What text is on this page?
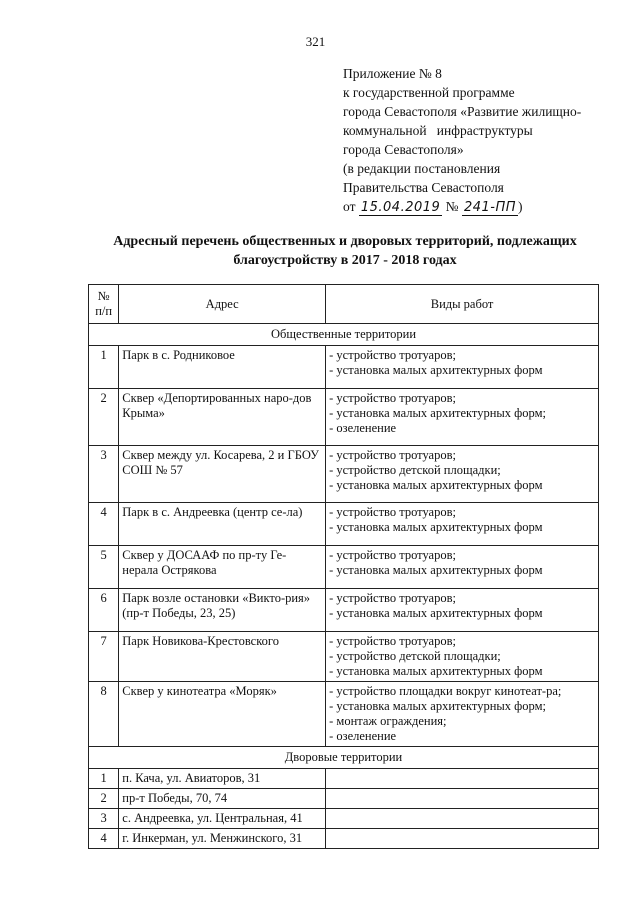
321
Приложение № 8
к государственной программе
города Севастополя «Развитие жилищно-
коммунальной   инфраструктуры
города Севастополя»
(в редакции постановления
Правительства Севастополя
от 15.04.2019 № 241-ПП )
Адресный перечень общественных и дворовых территорий, подлежащих
благоустройству в 2017 - 2018 годах
№ п/п	Адрес	Виды работ
Общественные территории		
1	Парк в с. Родниковое	- устройство тротуаров;
- установка малых архитектурных форм

2	Сквер «Депортированных наро-дов Крыма»	- устройство тротуаров;
- установка малых архитектурных форм;
- озеленение

3	Сквер между ул. Косарева, 2 и ГБОУ СОШ № 57	- устройство тротуаров;
- устройство детской площадки;
- установка малых архитектурных форм

4	Парк в с. Андреевка (центр се-ла)	- устройство тротуаров;
- установка малых архитектурных форм

5	Сквер у ДОСААФ по пр-ту Ге-нерала Острякова	- устройство тротуаров;
- установка малых архитектурных форм

6	Парк возле остановки «Викто-рия» (пр-т Победы, 23, 25)	- устройство тротуаров;
- установка малых архитектурных форм

7	Парк Новикова-Крестовского	- устройство тротуаров;
- устройство детской площадки;
- установка малых архитектурных форм

8	Сквер у кинотеатра «Моряк»	- устройство площадки вокруг кинотеат-ра;
- установка малых архитектурных форм;
- монтаж ограждения;
- озеленение

Дворовые территории		
1	п. Кача, ул. Авиаторов, 31	
2	пр-т Победы, 70, 74	
3	с. Андреевка, ул. Центральная, 41	
4	г. Инкерман, ул. Менжинского, 31	
